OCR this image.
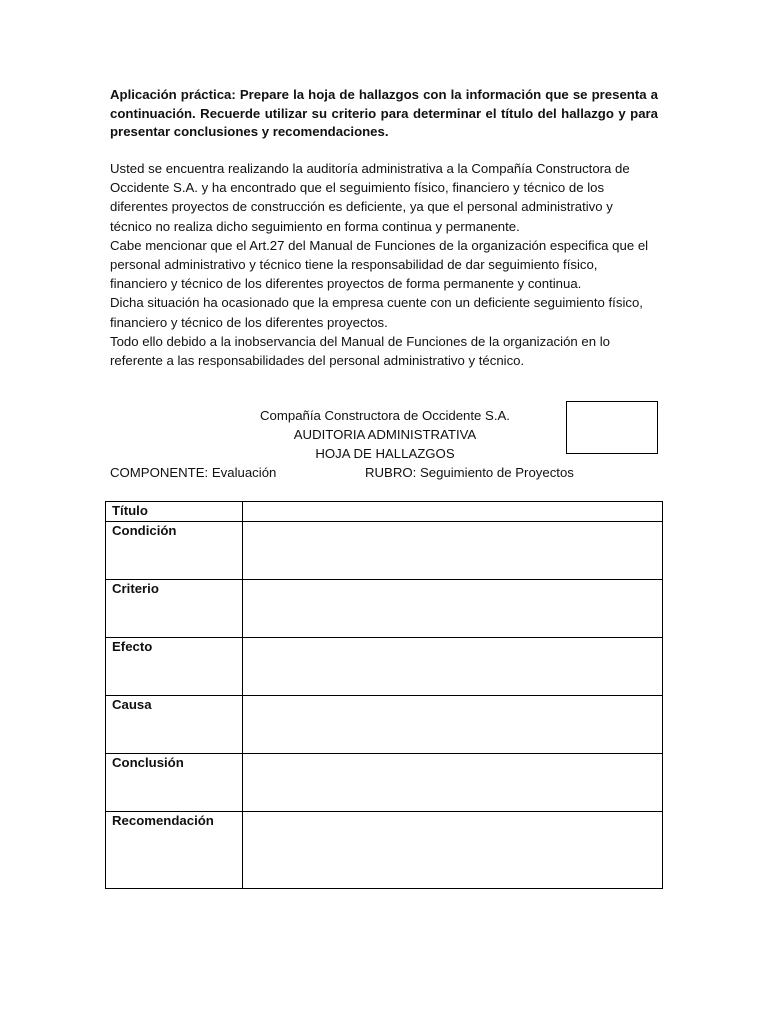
Aplicación práctica: Prepare la hoja de hallazgos con la información que se presenta a continuación. Recuerde utilizar su criterio para determinar el título del hallazgo y para presentar conclusiones y recomendaciones.

Usted se encuentra realizando la auditoría administrativa a la Compañía Constructora de Occidente S.A. y ha encontrado que el seguimiento físico, financiero y técnico de los diferentes proyectos de construcción es deficiente, ya que el personal administrativo y técnico no realiza dicho seguimiento en forma continua y permanente.

Cabe mencionar que el Art.27 del Manual de Funciones de la organización especifica que el personal administrativo y técnico tiene la responsabilidad de dar seguimiento físico, financiero y técnico de los diferentes proyectos de forma permanente y continua.

Dicha situación ha ocasionado que la empresa cuente con un deficiente seguimiento físico, financiero y técnico de los diferentes proyectos.

Todo ello debido a la inobservancia del Manual de Funciones de la organización en lo referente a las responsabilidades del personal administrativo y técnico.

Compañía Constructora de Occidente S.A.

AUDITORIA ADMINISTRATIVA

HOJA DE HALLAZGOS

COMPONENTE: Evaluación	RUBRO: Seguimiento de Proyectos
Título	
Condición	
Criterio	
Efecto	
Causa	
Conclusión	
Recomendación	
